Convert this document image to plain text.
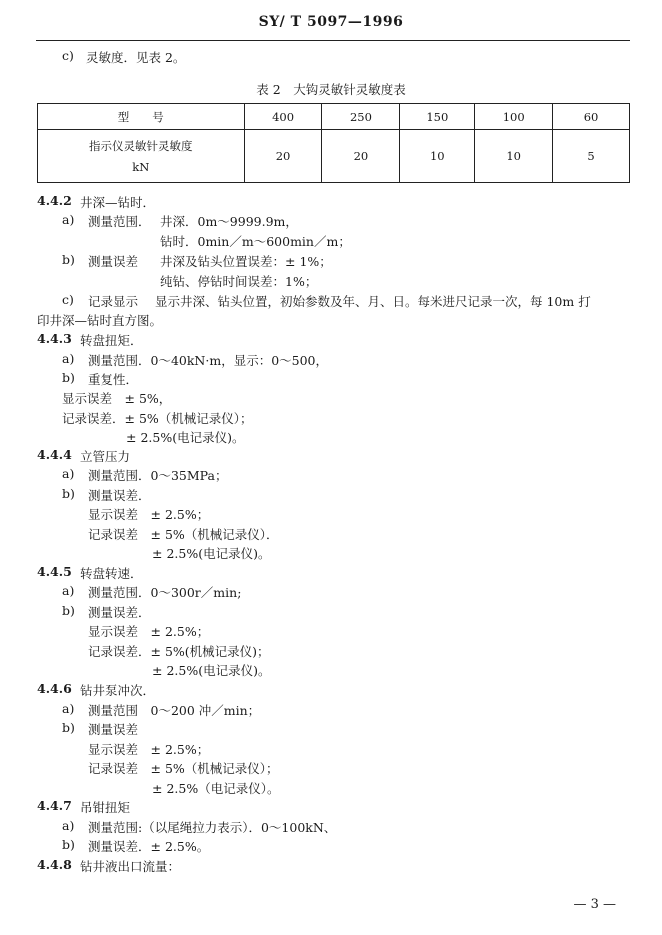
SY/ T 5097—1996
c) 灵敏度．见表 2。
表 2　大钩灵敏针灵敏度表
型　　号	400	250	150	100	60

指示仪灵敏针灵敏度
kN	20	20	10	10	5
4.4.2 井深—钻时．
a) 测量范围． 井深．0m～9999.9m，
钻时．0min／m～600min／m；
b) 测量误差 井深及钻头位置误差：± 1%；
纯钻、停钻时间误差：1%；
c) 记录显示 显示井深、钻头位置，初始参数及年、月、日。每米进尺记录一次，每 10m 打
印井深—钻时直方图。
4.4.3 转盘扭矩．
a) 测量范围．0～40kN·m，显示：0～500，
b) 重复性．
显示误差　± 5%，
记录误差．± 5%（机械记录仪）；
± 2.5%(电记录仪)。
4.4.4 立管压力
a) 测量范围．0～35MPa；
b) 测量误差．
显示误差　± 2.5%；
记录误差　± 5%（机械记录仪）．
± 2.5%(电记录仪)。
4.4.5 转盘转速．
a) 测量范围．0～300r／min;
b) 测量误差．
显示误差　± 2.5%；
记录误差．± 5%(机械记录仪)；
± 2.5%(电记录仪)。
4.4.6 钻井泵冲次．
a) 测量范围　0～200 冲／min；
b) 测量误差
显示误差　± 2.5%；
记录误差　± 5%（机械记录仪）；
± 2.5%（电记录仪）。
4.4.7 吊钳扭矩
a) 测量范围:（以尾绳拉力表示）．0～100kN、
b) 测量误差．± 2.5%。
4.4.8 钻井液出口流量：
— 3 —
